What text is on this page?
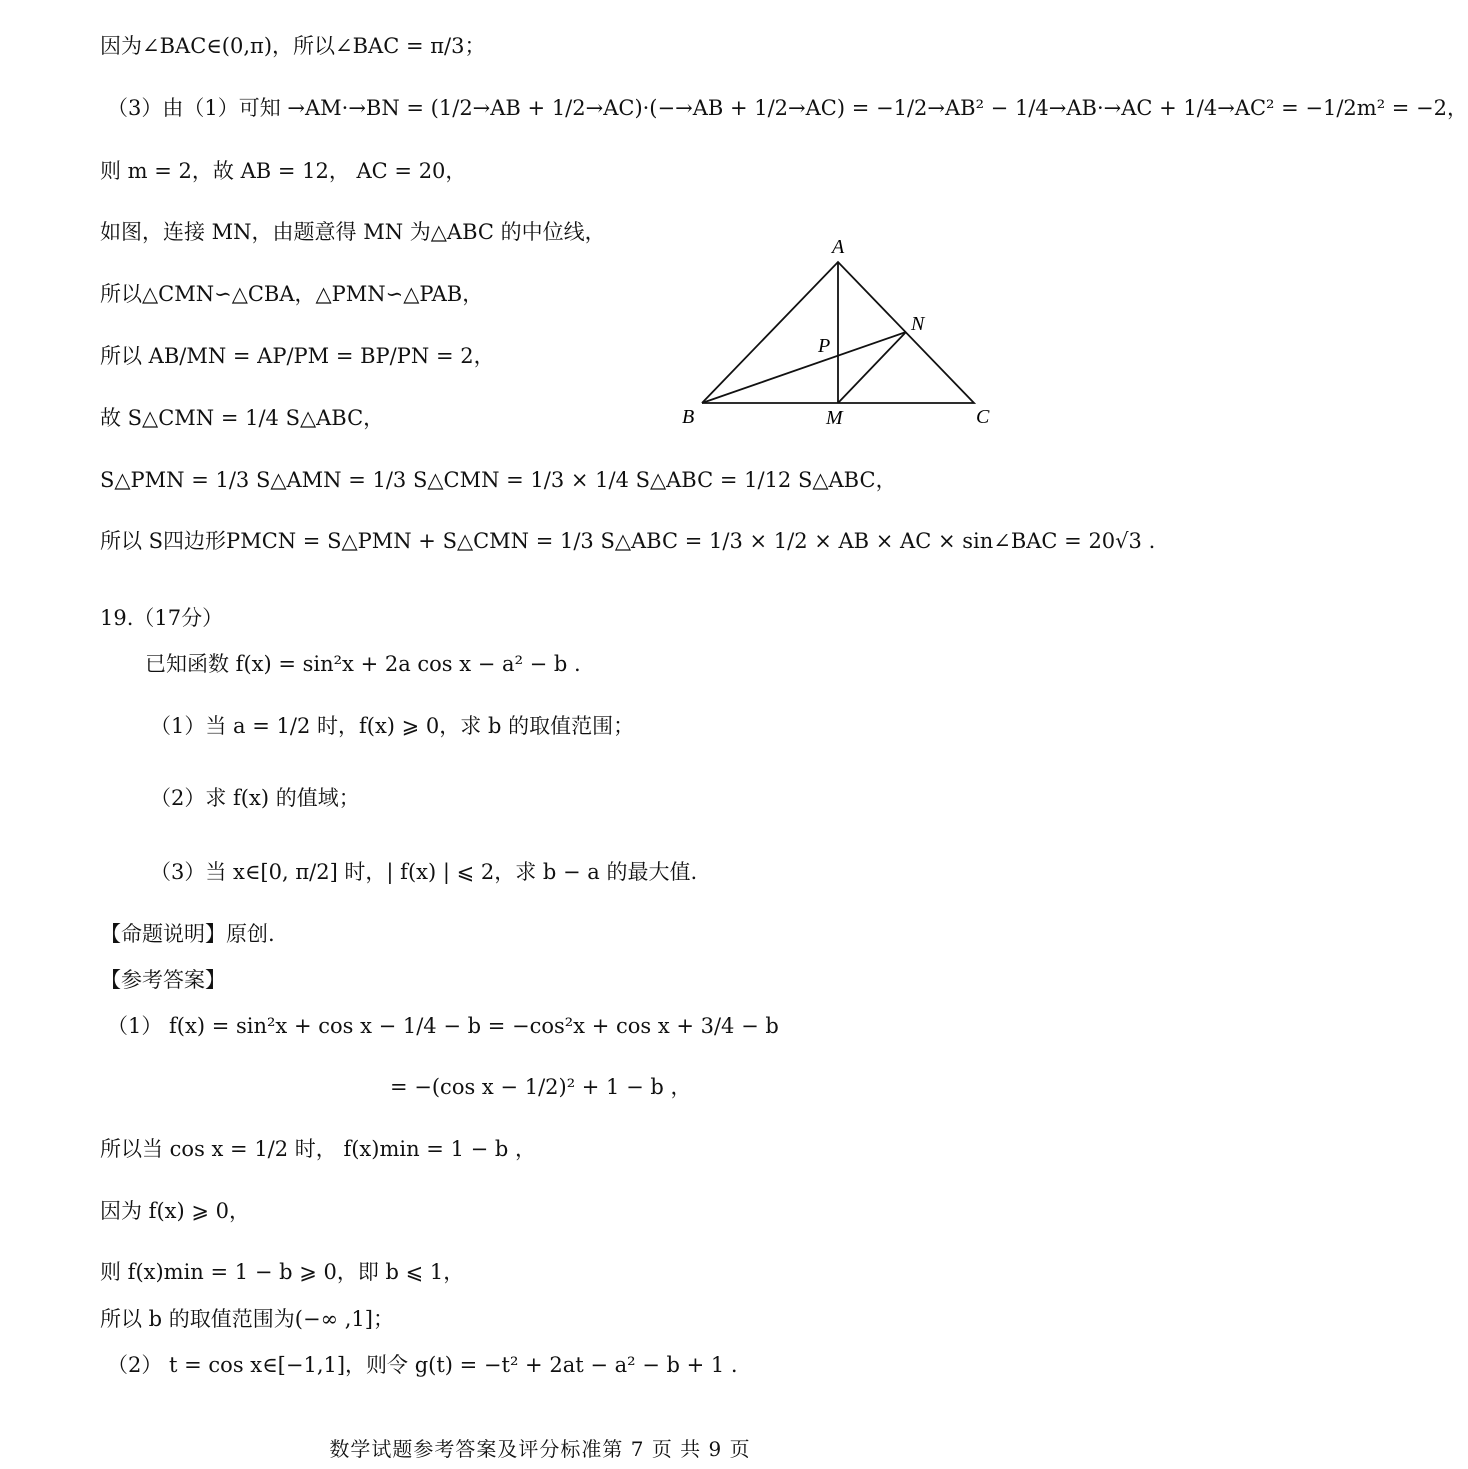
因为∠BAC∈(0,π)，所以∠BAC = π/3；
（3）由（1）可知 →AM·→BN = (1/2→AB + 1/2→AC)·(−→AB + 1/2→AC) = −1/2→AB² − 1/4→AB·→AC + 1/4→AC² = −1/2m² = −2，
则 m = 2，故 AB = 12， AC = 20，
如图，连接 MN，由题意得 MN 为△ABC 的中位线，
所以△CMN∽△CBA，△PMN∽△PAB，
所以 AB/MN = AP/PM = BP/PN = 2，
故 S△CMN = 1/4 S△ABC，
S△PMN = 1/3 S△AMN = 1/3 S△CMN = 1/3 × 1/4 S△ABC = 1/12 S△ABC，
所以 S四边形PMCN = S△PMN + S△CMN = 1/3 S△ABC = 1/3 × 1/2 × AB × AC × sin∠BAC = 20√3 .
19.（17分）
已知函数 f(x) = sin²x + 2a cos x − a² − b .
（1）当 a = 1/2 时，f(x) ⩾ 0，求 b 的取值范围；
（2）求 f(x) 的值域；
（3）当 x∈[0, π/2] 时，| f(x) | ⩽ 2，求 b − a 的最大值.
【命题说明】原创.
【参考答案】
（1） f(x) = sin²x + cos x − 1/4 − b = −cos²x + cos x + 3/4 − b
= −(cos x − 1/2)² + 1 − b ，
所以当 cos x = 1/2 时， f(x)min = 1 − b ，
因为 f(x) ⩾ 0，
则 f(x)min = 1 − b ⩾ 0，即 b ⩽ 1，
所以 b 的取值范围为(−∞ ,1]；
（2） t = cos x∈[−1,1]，则令 g(t) = −t² + 2at − a² − b + 1 .
A
B	C
M
N
P
数学试题参考答案及评分标准第 7 页 共 9 页
